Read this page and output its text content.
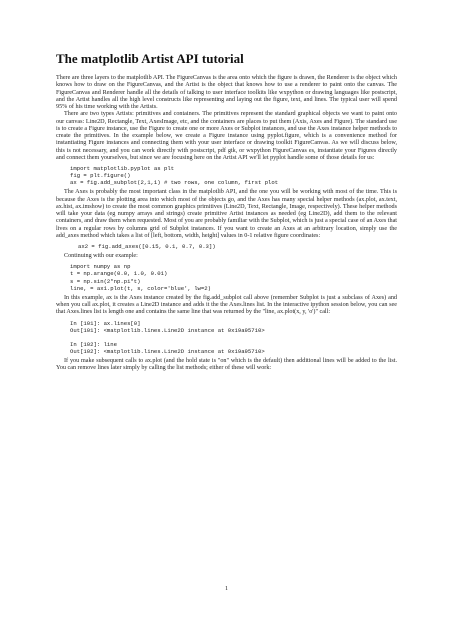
The matplotlib Artist API tutorial

There are three layers to the matplotlib API. The FigureCanvas is the area onto which the figure is drawn, the Renderer is the object which knows how to draw on the FigureCanvas, and the Artist is the object that knows how to use a renderer to paint onto the canvas. The FigureCanvas and Renderer handle all the details of talking to user interface toolkits like wxpython or drawing languages like postscript, and the Artist handles all the high level constructs like representing and laying out the figure, text, and lines. The typical user will spend 95% of his time working with the Artists.

There are two types Artists: primitives and containers. The primitives represent the standard graphical objects we want to paint onto our canvas: Line2D, Rectangle, Text, AxesImage, etc, and the containers are places to put them (Axis, Axes and Figure). The standard use is to create a Figure instance, use the Figure to create one or more Axes or Subplot instances, and use the Axes instance helper methods to create the primitives. In the example below, we create a Figure instance using pyplot.figure, which is a convenience method for instantiating Figure instances and connecting them with your user interface or drawing toolkit FigureCanvas. As we will discuss below, this is not necessary, and you can work directly with postscript, pdf gtk, or wxpython FigureCanvas es, instantiate your Figures directly and connect them yourselves, but since we are focusing here on the Artist API we'll let pyplot handle some of those details for us:

import matplotlib.pyplot as plt
fig = plt.figure()
ax = fig.add_subplot(2,1,1) # two rows, one column, first plot

The Axes is probably the most important class in the matplotlib API, and the one you will be working with most of the time. This is because the Axes is the plotting area into which most of the objects go, and the Axes has many special helper methods (ax.plot, ax.text, ax.hist, ax.imshow) to create the most common graphics primitives (Line2D, Text, Rectangle, Image, respectively). These helper methods will take your data (eg numpy arrays and strings) create primitive Artist instances as needed (eg Line2D), add them to the relevant containers, and draw them when requested. Most of you are probably familiar with the Subplot, which is just a special case of an Axes that lives on a regular rows by columns grid of Subplot instances. If you want to create an Axes at an arbitrary location, simply use the add_axes method which takes a list of [left, bottom, width, height] values in 0-1 relative figure coordinates:

ax2 = fig.add_axes([0.15, 0.1, 0.7, 0.3])

Continuing with our example:

import numpy as np
t = np.arange(0.0, 1.0, 0.01)
s = np.sin(2*np.pi*t)
line, = ax1.plot(t, s, color='blue', lw=2)

In this example, ax is the Axes instance created by the fig.add_subplot call above (remember Subplot is just a subclass of Axes) and when you call ax.plot, it creates a Line2D instance and adds it the the Axes.lines list. In the interactive ipython session below, you can see that Axes.lines list is length one and contains the same line that was returned by the "line, ax.plot(x, y, 'o')" call:

In [101]: ax.lines[0]
Out[101]: <matplotlib.lines.Line2D instance at 0x19a95710>

In [102]: line
Out[102]: <matplotlib.lines.Line2D instance at 0x19a95710>

If you make subsequent calls to ax.plot (and the hold state is "on" which is the default) then additional lines will be added to the list. You can remove lines later simply by calling the list methods; either of these will work:

1
